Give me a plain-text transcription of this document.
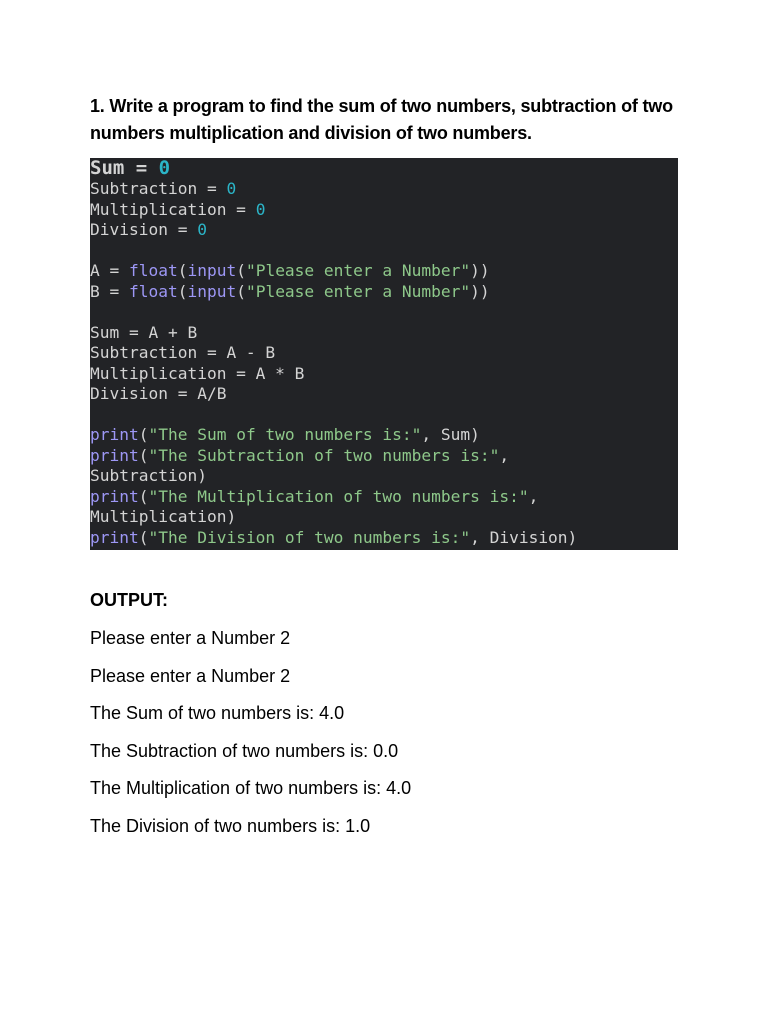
1. Write a program to find the sum of two numbers, subtraction of two numbers multiplication and division of two numbers.
Sum = 0
Subtraction = 0
Multiplication = 0
Division = 0

A = float(input("Please enter a Number"))
B = float(input("Please enter a Number"))

Sum = A + B
Subtraction = A - B
Multiplication = A * B
Division = A/B

print("The Sum of two numbers is:", Sum)
print("The Subtraction of two numbers is:",
Subtraction)
print("The Multiplication of two numbers is:",
Multiplication)
print("The Division of two numbers is:", Division)
OUTPUT:
Please enter a Number 2
Please enter a Number 2
The Sum of two numbers is: 4.0
The Subtraction of two numbers is: 0.0
The Multiplication of two numbers is: 4.0
The Division of two numbers is: 1.0
